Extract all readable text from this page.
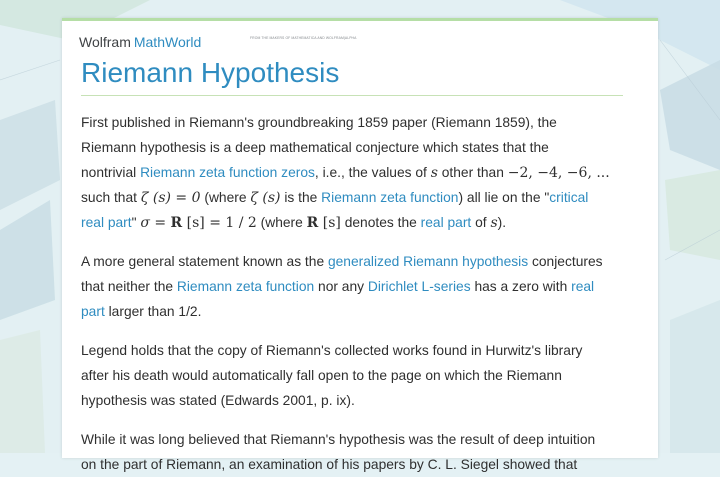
Wolfram MathWorld	FROM THE MAKERS OF MATHEMATICA AND WOLFRAM|ALPHA
Riemann Hypothesis

First published in Riemann's groundbreaking 1859 paper (Riemann 1859), the
Riemann hypothesis is a deep mathematical conjecture which states that the
nontrivial Riemann zeta function zeros, i.e., the values of s other than −2, −4, −6, ...
such that ζ (s) = 0 (where ζ (s) is the Riemann zeta function) all lie on the "critical
real part" σ = R [s] = 1 / 2 (where R [s] denotes the real part of s).

A more general statement known as the generalized Riemann hypothesis conjectures
that neither the Riemann zeta function nor any Dirichlet L-series has a zero with real
part larger than 1/2.

Legend holds that the copy of Riemann's collected works found in Hurwitz's library
after his death would automatically fall open to the page on which the Riemann
hypothesis was stated (Edwards 2001, p. ix).

While it was long believed that Riemann's hypothesis was the result of deep intuition
on the part of Riemann, an examination of his papers by C. L. Siegel showed that
